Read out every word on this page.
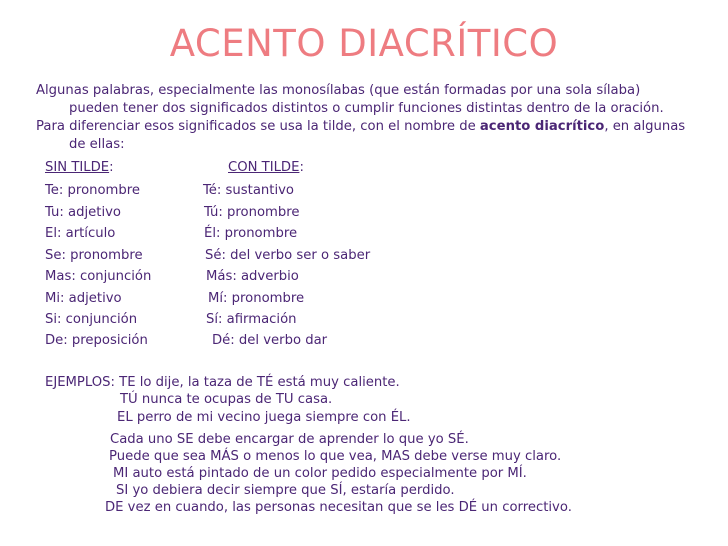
ACENTO DIACRÍTICO
Algunas palabras, especialmente las monosílabas (que están formadas por una sola sílaba)
pueden tener dos significados distintos o cumplir funciones distintas dentro de la oración.
Para diferenciar esos significados se usa la tilde, con el nombre de acento diacrítico, en algunas
de ellas:
SIN TILDE:	CON TILDE:
Te: pronombre	Té: sustantivo
Tu: adjetivo	Tú: pronombre
El: artículo	Él: pronombre
Se: pronombre	Sé: del verbo ser o saber
Mas: conjunción	Más: adverbio
Mi: adjetivo	Mí: pronombre
Si: conjunción	Sí: afirmación
De: preposición	Dé: del verbo dar
EJEMPLOS: TE lo dije, la taza de TÉ está muy caliente.
TÚ nunca te ocupas de TU casa.
EL perro de mi vecino juega siempre con ÉL.
Cada uno SE debe encargar de aprender lo que yo SÉ.
Puede que sea MÁS o menos lo que vea, MAS debe verse muy claro.
MI auto está pintado de un color pedido especialmente por MÍ.
SI yo debiera decir siempre que SÍ, estaría perdido.
DE vez en cuando, las personas necesitan que se les DÉ un correctivo.
